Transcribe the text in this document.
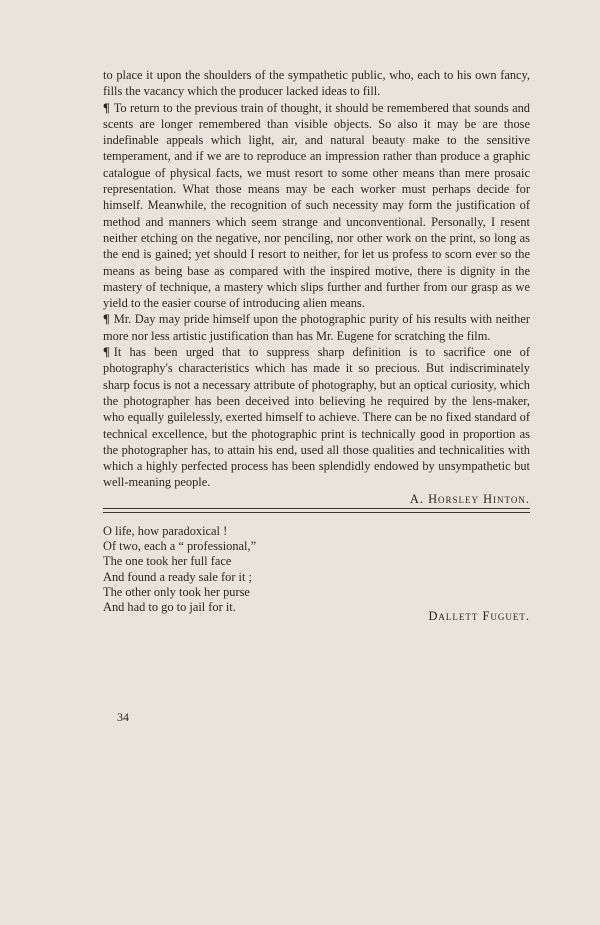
to place it upon the shoulders of the sympathetic public, who, each to his own fancy, fills the vacancy which the producer lacked ideas to fill.

¶ To return to the previous train of thought, it should be remembered that sounds and scents are longer remembered than visible objects. So also it may be are those indefinable appeals which light, air, and natural beauty make to the sensitive temperament, and if we are to reproduce an impression rather than produce a graphic catalogue of physical facts, we must resort to some other means than mere prosaic representation. What those means may be each worker must perhaps decide for himself. Meanwhile, the recognition of such necessity may form the justification of method and manners which seem strange and unconventional. Personally, I resent neither etching on the negative, nor penciling, nor other work on the print, so long as the end is gained; yet should I resort to neither, for let us profess to scorn ever so the means as being base as compared with the inspired motive, there is dignity in the mastery of technique, a mastery which slips further and further from our grasp as we yield to the easier course of introducing alien means.

¶ Mr. Day may pride himself upon the photographic purity of his results with neither more nor less artistic justification than has Mr. Eugene for scratching the film.

¶ It has been urged that to suppress sharp definition is to sacrifice one of photography's characteristics which has made it so precious. But indiscriminately sharp focus is not a necessary attribute of photography, but an optical curiosity, which the photographer has been deceived into believing he required by the lens-maker, who equally guilelessly, exerted himself to achieve. There can be no fixed standard of technical excellence, but the photographic print is technically good in proportion as the photographer has, to attain his end, used all those qualities and technicalities with which a highly perfected process has been splendidly endowed by unsympathetic but well-meaning people.

A. Horsley Hinton.

O life, how paradoxical !
Of two, each a “ professional,”
The one took her full face
And found a ready sale for it ;
The other only took her purse
And had to go to jail for it.
Dallett Fuguet.
34
